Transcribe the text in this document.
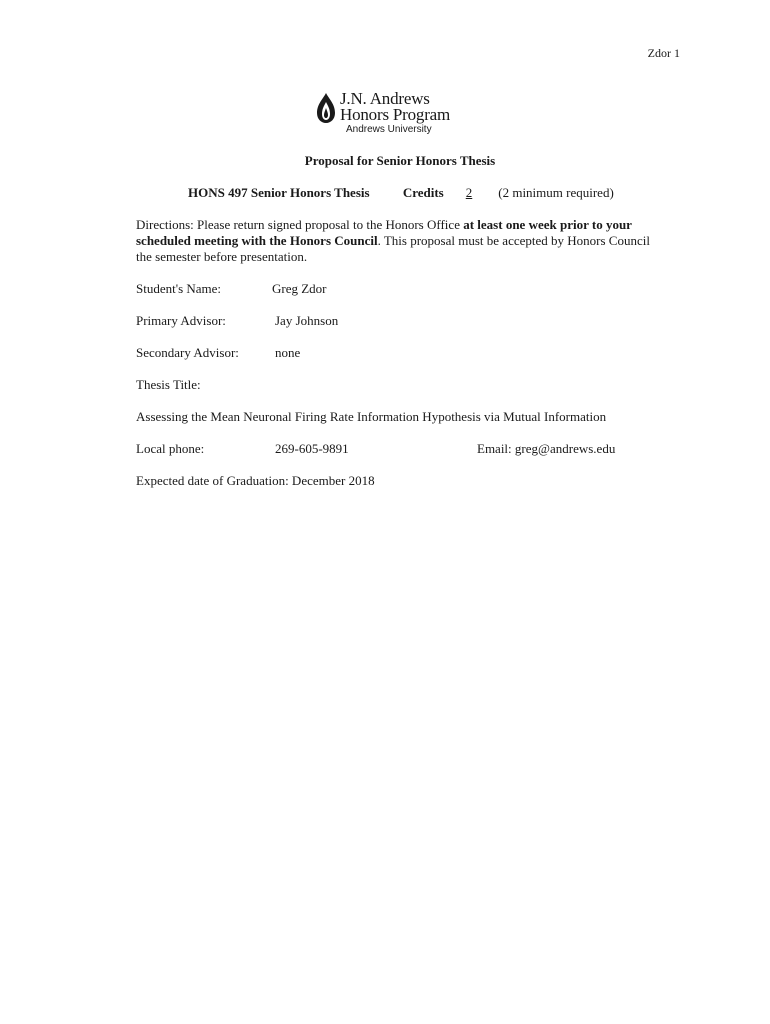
Zdor 1
J.N. Andrews
Honors Program
Andrews University
Proposal for Senior Honors Thesis
HONS 497 Senior Honors Thesis	Credits 2 (2 minimum required)
Directions: Please return signed proposal to the Honors Office at least one week prior to your scheduled meeting with the Honors Council. This proposal must be accepted by Honors Council the semester before presentation.
Student's Name:	Greg Zdor
Primary Advisor:	Jay Johnson
Secondary Advisor:	none
Thesis Title:
Assessing the Mean Neuronal Firing Rate Information Hypothesis via Mutual Information
Local phone:	269-605-9891	Email: greg@andrews.edu
Expected date of Graduation: December 2018
